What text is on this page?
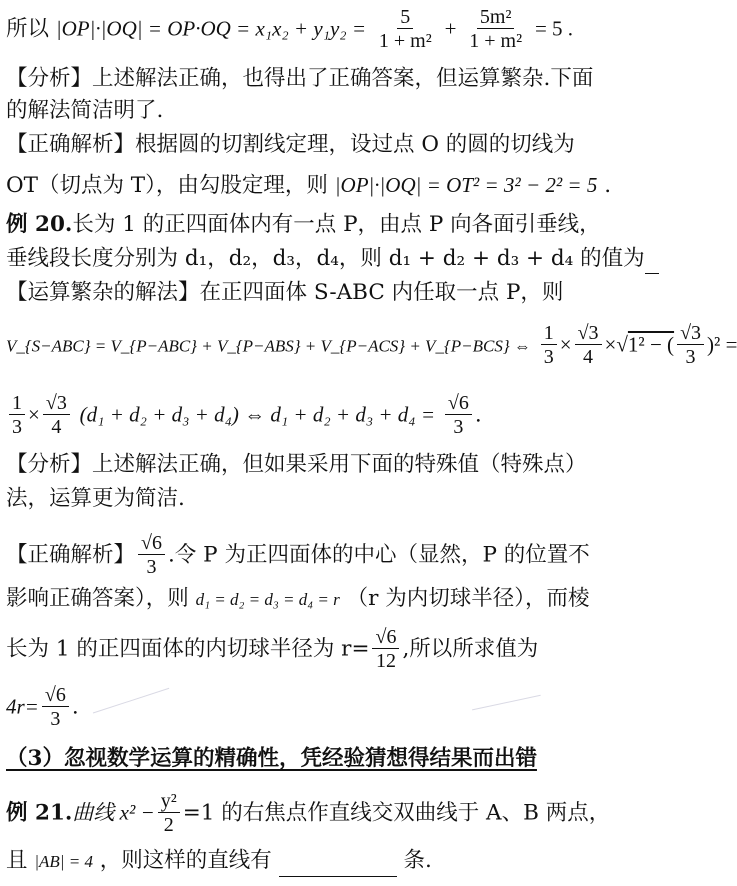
所以 $|OP|\cdot|OQ| = OP\cdot OQ = x_1x_2 + y_1y_2 = \frac{5}{\text{1 + m²}} + \frac{\text{5m²}}{\text{1 + m²}} = 5$ .
【分析】上述解法正确，也得出了正确答案，但运算繁杂.下面
的解法简洁明了.
【正确解析】根据圆的切割线定理，设过点 O 的圆的切线为
OT（切点为 T），由勾股定理，则 |OP|·|OQ| = OT² = 3² − 2² = 5 .
例 20.长为 1 的正四面体内有一点 P，由点 P 向各面引垂线，
垂线段长度分别为 d₁，d₂，d₃，d₄，则 d₁ + d₂ + d₃ + d₄ 的值为
【运算繁杂的解法】在正四面体 S-ABC 内任取一点 P，则
V_{S−ABC} = V_{P−ABC} + V_{P−ABS} + V_{P−ACS} + V_{P−BCS} ⇔ $\frac{1}{3} \times \frac{√3}{4} \times√1^2$ − ( $\frac{√3}{3} )^2$ =
$\frac{1}{3} \times \frac{√3}{4} (d_1 + d_2 + d_3 + d_4)$ ⇔ $d_1 + d_2 + d_3 + d_4 = \frac{√6}{3}$ .
【分析】上述解法正确，但如果采用下面的特殊值（特殊点）
法，运算更为简洁.
【正确解析】 $\frac{√6}{3}$ .令 P 为正四面体的中心（显然，P 的位置不
影响正确答案），则 d₁ = d₂ = d₃ = d₄ = r （r 为内切球半径），而棱
长为 1 的正四面体的内切球半径为 $r= \frac{√6}{12}$ ,所以所求值为
$4r= \frac{√6}{3}$ .
（3）忽视数学运算的精确性，凭经验猜想得结果而出错
例 21.曲线 $x^2 - \frac{\text{y²}}{2} =1$ 的右焦点作直线交双曲线于 A、B 两点，
且 |AB| = 4 ，则这样的直线有	条.
